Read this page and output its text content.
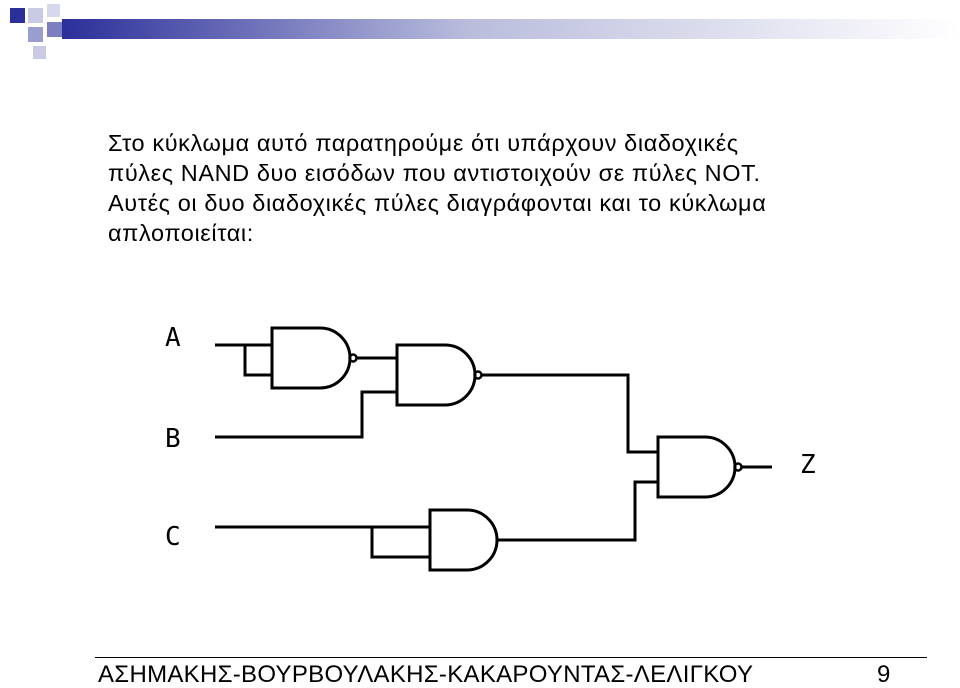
Στο κύκλωμα αυτό παρατηρούμε ότι υπάρχουν διαδοχικές
πύλες NAND δυο εισόδων που αντιστοιχούν σε πύλες NOT.
Αυτές οι δυο διαδοχικές πύλες διαγράφονται και το κύκλωμα
απλοποιείται:
A
B
C
Z
ΑΣΗΜΑΚΗΣ-ΒΟΥΡΒΟΥΛΑΚΗΣ-ΚΑΚΑΡΟΥΝΤΑΣ-ΛΕΛΙΓΚΟΥ	9
